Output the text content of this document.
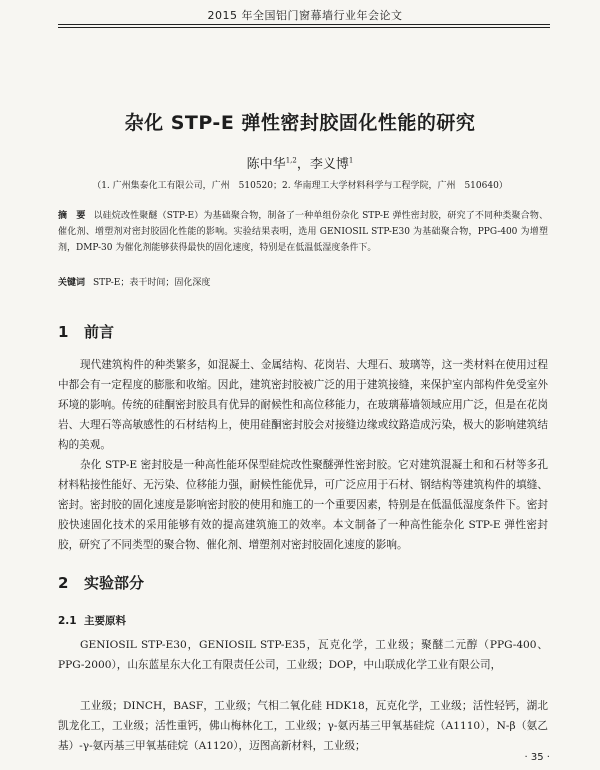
2015 年全国铝门窗幕墙行业年会论文
杂化 STP-E 弹性密封胶固化性能的研究
陈中华$^{1,2}$，李义博$^1$
（1. 广州集泰化工有限公司，广州　510520；2. 华南理工大学材料科学与工程学院，广州　510640）
摘　要 以硅烷改性聚醚（STP-E）为基础聚合物，制备了一种单组份杂化 STP-E 弹性密封胶，研究了不同种类聚合物、催化剂、增塑剂对密封胶固化性能的影响。实验结果表明，选用 GENIOSIL STP-E30 为基础聚合物，PPG-400 为增塑剂，DMP-30 为催化剂能够获得最快的固化速度，特别是在低温低湿度条件下。
关键词 STP-E；表干时间；固化深度
1 前言
现代建筑构件的种类繁多，如混凝土、金属结构、花岗岩、大理石、玻璃等，这一类材料在使用过程中都会有一定程度的膨胀和收缩。因此，建筑密封胶被广泛的用于建筑接缝，来保护室内部构件免受室外环境的影响。传统的硅酮密封胶具有优异的耐候性和高位移能力，在玻璃幕墙领域应用广泛，但是在花岗岩、大理石等高敏感性的石材结构上，使用硅酮密封胶会对接缝边缘或纹路造成污染，极大的影响建筑结构的美观。
杂化 STP-E 密封胶是一种高性能环保型硅烷改性聚醚弹性密封胶。它对建筑混凝土和和石材等多孔材料粘接性能好、无污染、位移能力强，耐候性能优异，可广泛应用于石材、钢结构等建筑构件的填缝、密封。密封胶的固化速度是影响密封胶的使用和施工的一个重要因素，特别是在低温低湿度条件下。密封胶快速固化技术的采用能够有效的提高建筑施工的效率。本文制备了一种高性能杂化 STP-E 弹性密封胶，研究了不同类型的聚合物、催化剂、增塑剂对密封胶固化速度的影响。
2 实验部分
2.1 主要原料
GENIOSIL STP-E30，GENIOSIL STP-E35，瓦克化学，工业级；聚醚二元醇（PPG-400、PPG-2000），山东蓝星东大化工有限责任公司，工业级；DOP，中山联成化学工业有限公司，
工业级；DINCH，BASF，工业级；气相二氧化硅 HDK18，瓦克化学，工业级；活性轻钙，湖北凯龙化工，工业级；活性重钙，佛山梅林化工，工业级；γ-氨丙基三甲氧基硅烷（A1110），N-β（氨乙基）-γ-氨丙基三甲氧基硅烷（A1120），迈图高新材料，工业级；
· 35 ·
